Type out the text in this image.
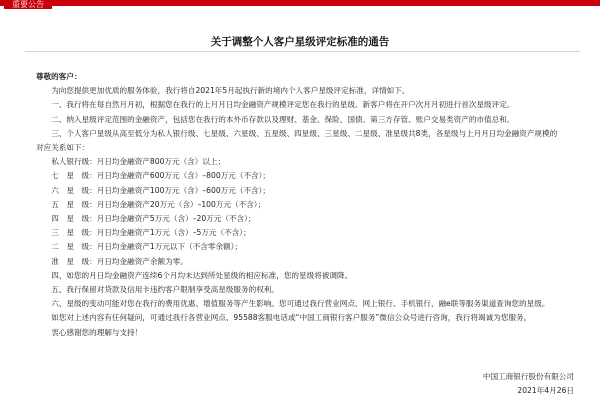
重要公告
关于调整个人客户星级评定标准的通告

尊敬的客户：

为向您提供更加优质的服务体验，我行将自2021年5月起执行新的境内个人客户星级评定标准，详情如下。

一、我行将在每自然月月初，根据您在我行的上月月日均金融资产规模评定您在我行的星级。新客户将在开户次月月初进行首次星级评定。

二、纳入星级评定范围的金融资产，包括您在我行的本外币存款以及理财、基金、保险、国债、第三方存管、账户交易类资产的市值总和。

三、个人客户星级从高至低分为私人银行级、七星级、六星级、五星级、四星级、三星级、二星级、准星级共8类，各星级与上月月日均金融资产规模的对应关系如下：

私人银行级：月日均金融资产800万元（含）以上；

七　星　级：月日均金融资产600万元（含）–800万元（不含）；

六　星　级：月日均金融资产100万元（含）–600万元（不含）；

五　星　级：月日均金融资产20万元（含）–100万元（不含）；

四　星　级：月日均金融资产5万元（含）–20万元（不含）；

三　星　级：月日均金融资产1万元（含）–5万元（不含）；

二　星　级：月日均金融资产1万元以下（不含零余额）；

准　星　级：月日均金融资产余额为零。

四、如您的月日均金融资产连续6个月均未达到所处星级的相应标准，您的星级将被调降。

五、我行保留对贷款及信用卡违约客户限制享受高星级服务的权利。

六、星级的变动可能对您在我行的费用优惠、增值服务等产生影响。您可通过我行营业网点、网上银行、手机银行、融e联等服务渠道查询您的星级。

如您对上述内容有任何疑问，可通过我行各营业网点、95588客服电话或“中国工商银行客户服务”微信公众号进行咨询，我行将竭诚为您服务。

衷心感谢您的理解与支持！

中国工商银行股份有限公司
2021年4月26日
